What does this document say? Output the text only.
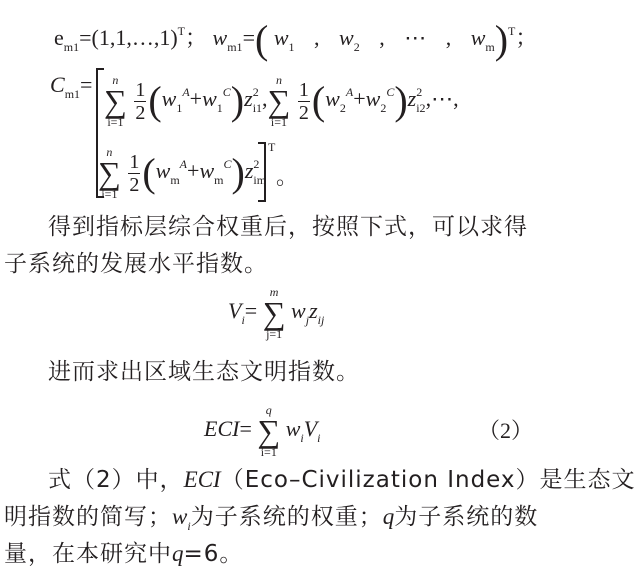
$e_{m1}=(1,1,\dots,1)^T$； $w_{m1}=$( $w_1$ , $w_2$ , ⋯ , $w_m)^T$；
$C_{m1}=$	n
∑
i=1
$\frac{1}{2} (w_1^A+w_1^C)z^2_{i1}$,
n
∑
i=1
$\frac{1}{2}$ $(w_2^A+w_2^C)z^2_{i2},\cdots$,
n
∑
i=1
$\frac{1}{2} (w_m^A+w_m^C)z^2_{im}$
$^T$
。
得到指标层综合权重后，按照下式，可以求得
子系统的发展水平指数。
$V_i=$
m
∑
j=1
$w_jz_{ij}$
进而求出区域生态文明指数。
ECI=
q
∑
i=1
$w_iV_i$	（2）
式（2）中，ECI（Eco–Civilization Index）是生态文
明指数的简写；$w_i$为子系统的权重；q为子系统的数
量，在本研究中q=6。
